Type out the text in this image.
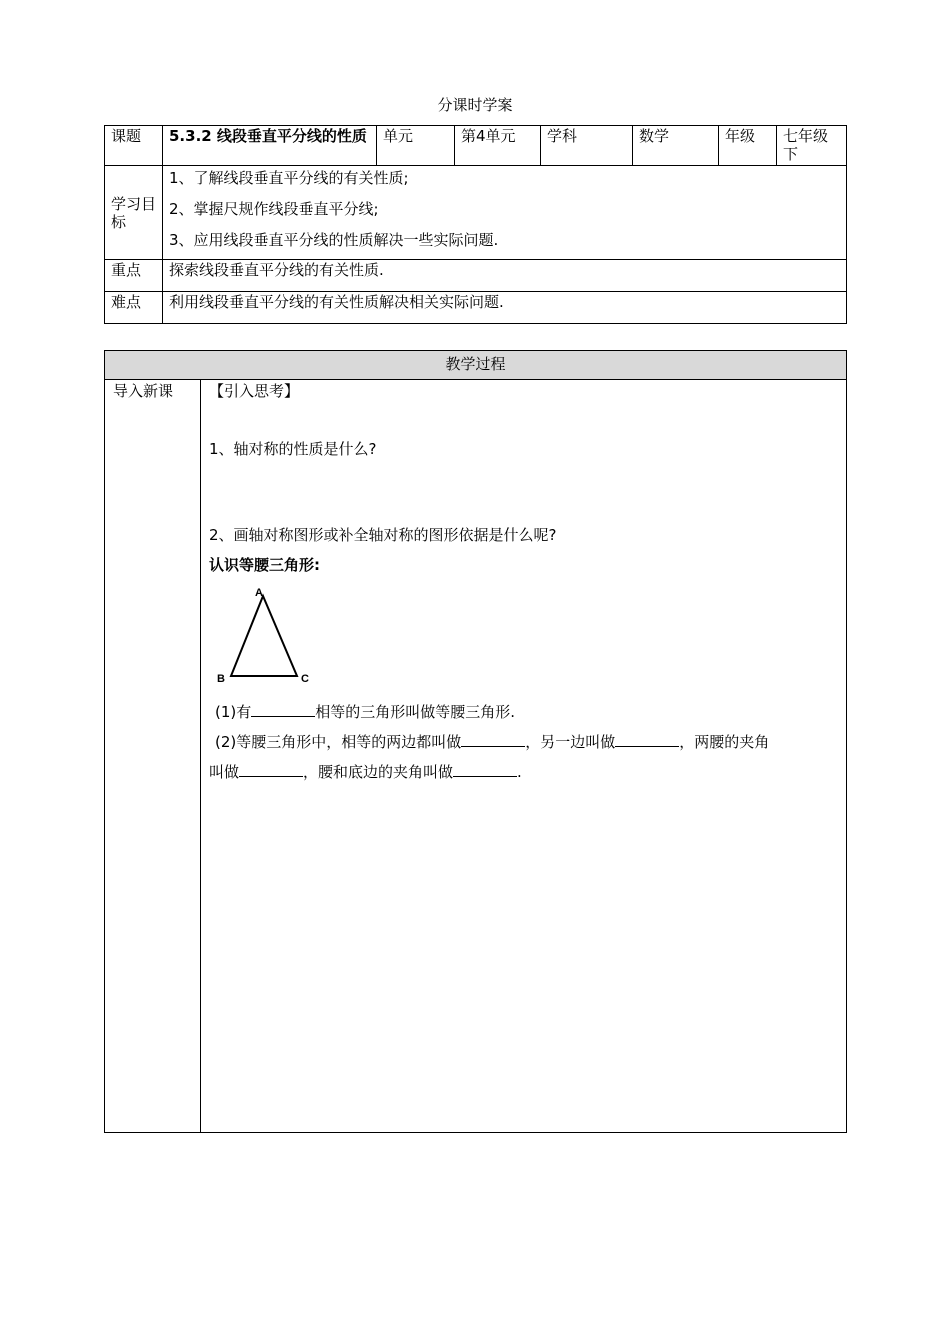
分课时学案
课题	5.3.2 线段垂直平分线的性质	单元	第4单元	学科	数学	年级	七年级下
学习目标	1、了解线段垂直平分线的有关性质;
2、掌握尺规作线段垂直平分线;
3、应用线段垂直平分线的性质解决一些实际问题.						

重点	探索线段垂直平分线的有关性质.						
难点	利用线段垂直平分线的有关性质解决相关实际问题.						
教学过程
导入新课	【引入思考】
1、轴对称的性质是什么?
2、画轴对称图形或补全轴对称的图形依据是什么呢?
认识等腰三角形:
A
B	C
(1)有	相等的三角形叫做等腰三角形.
(2)等腰三角形中，相等的两边都叫做	，另一边叫做	，两腰的夹角
叫做	，腰和底边的夹角叫做	.
